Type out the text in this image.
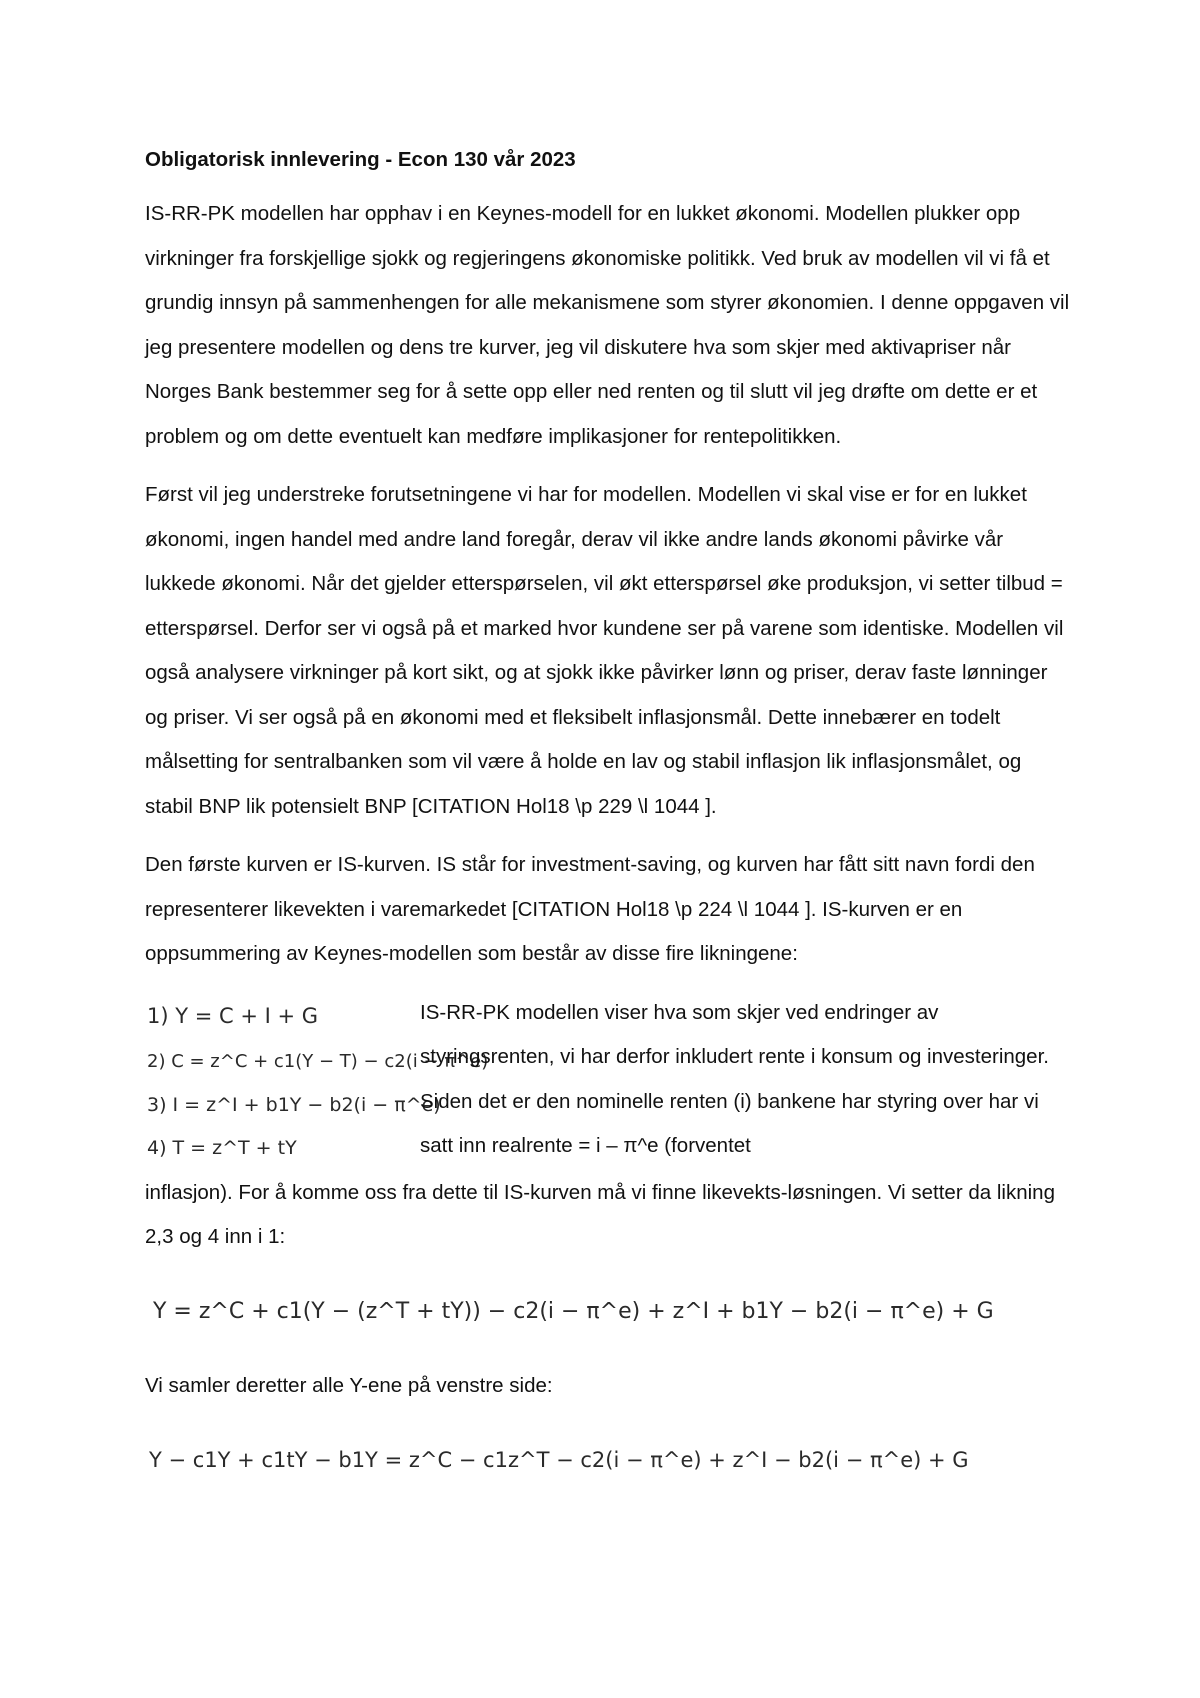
Obligatorisk innlevering - Econ 130 vår 2023

IS-RR-PK modellen har opphav i en Keynes-modell for en lukket økonomi. Modellen plukker opp virkninger fra forskjellige sjokk og regjeringens økonomiske politikk. Ved bruk av modellen vil vi få et grundig innsyn på sammenhengen for alle mekanismene som styrer økonomien. I denne oppgaven vil jeg presentere modellen og dens tre kurver, jeg vil diskutere hva som skjer med aktivapriser når Norges Bank bestemmer seg for å sette opp eller ned renten og til slutt vil jeg drøfte om dette er et problem og om dette eventuelt kan medføre implikasjoner for rentepolitikken.

Først vil jeg understreke forutsetningene vi har for modellen. Modellen vi skal vise er for en lukket økonomi, ingen handel med andre land foregår, derav vil ikke andre lands økonomi påvirke vår lukkede økonomi. Når det gjelder etterspørselen, vil økt etterspørsel øke produksjon, vi setter tilbud = etterspørsel. Derfor ser vi også på et marked hvor kundene ser på varene som identiske. Modellen vil også analysere virkninger på kort sikt, og at sjokk ikke påvirker lønn og priser, derav faste lønninger og priser. Vi ser også på en økonomi med et fleksibelt inflasjonsmål. Dette innebærer en todelt målsetting for sentralbanken som vil være å holde en lav og stabil inflasjon lik inflasjonsmålet, og stabil BNP lik potensielt BNP [CITATION Hol18 \p 229 \l 1044 ].

Den første kurven er IS-kurven. IS står for investment-saving, og kurven har fått sitt navn fordi den representerer likevekten i varemarkedet [CITATION Hol18 \p 224 \l 1044 ]. IS-kurven er en oppsummering av Keynes-modellen som består av disse fire likningene:

1) Y = C + I + G
2) C = z^C + c1(Y − T) − c2(i − π^e)
3) I = z^I + b1Y − b2(i − π^e)
4) T = z^T + tY
IS-RR-PK modellen viser hva som skjer ved endringer av styringsrenten, vi har derfor inkludert rente i konsum og investeringer. Siden det er den nominelle renten (i) bankene har styring over har vi satt inn realrente = i – π^e (forventet

inflasjon). For å komme oss fra dette til IS-kurven må vi finne likevekts-løsningen. Vi setter da likning 2,3 og 4 inn i 1:

Y = z^C + c1(Y − (z^T + tY)) − c2(i − π^e) + z^I + b1Y − b2(i − π^e) + G

Vi samler deretter alle Y-ene på venstre side:

Y − c1Y + c1tY − b1Y = z^C − c1z^T − c2(i − π^e) + z^I − b2(i − π^e) + G
